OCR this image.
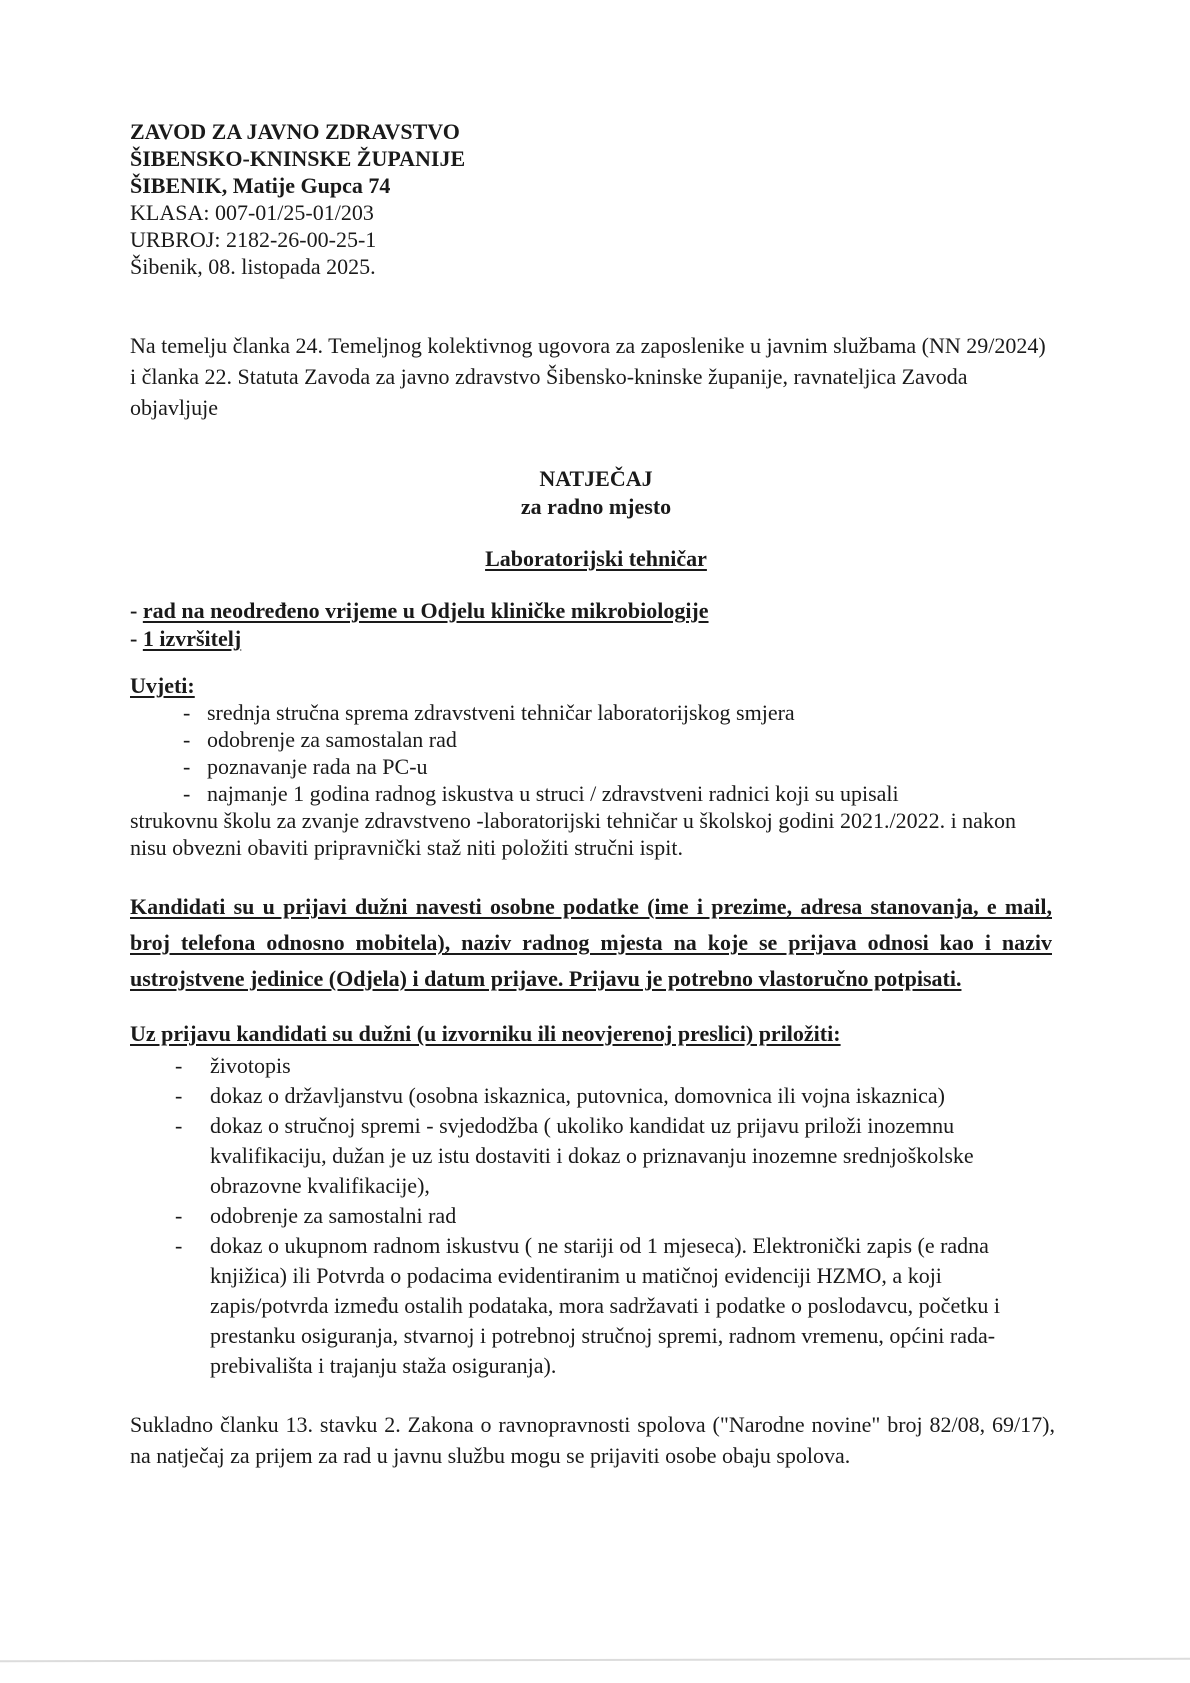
ZAVOD ZA JAVNO ZDRAVSTVO

ŠIBENSKO-KNINSKE ŽUPANIJE

ŠIBENIK, Matije Gupca 74

KLASA: 007-01/25-01/203

URBROJ: 2182-26-00-25-1

Šibenik, 08. listopada 2025.

Na temelju članka 24. Temeljnog kolektivnog ugovora za zaposlenike u javnim službama (NN 29/2024) i članka 22. Statuta Zavoda za javno zdravstvo Šibensko-kninske županije, ravnateljica Zavoda objavljuje

NATJEČAJ

za radno mjesto

Laboratorijski tehničar

- rad na neodređeno vrijeme u Odjelu kliničke mikrobiologije

- 1 izvršitelj

Uvjeti:

- srednja stručna sprema zdravstveni tehničar laboratorijskog smjera
- odobrenje za samostalan rad
- poznavanje rada na PC-u
- najmanje 1 godina radnog iskustva u struci / zdravstveni radnici koji su upisali

strukovnu školu za zvanje zdravstveno -laboratorijski tehničar u školskoj godini 2021./2022. i nakon nisu obvezni obaviti pripravnički staž niti položiti stručni ispit.

Kandidati su u prijavi dužni navesti osobne podatke (ime i prezime, adresa stanovanja, e mail, broj telefona odnosno mobitela), naziv radnog mjesta na koje se prijava odnosi kao i naziv ustrojstvene jedinice (Odjela) i datum prijave. Prijavu je potrebno vlastoručno potpisati.

Uz prijavu kandidati su dužni (u izvorniku ili neovjerenoj preslici) priložiti:

-	životopis
-	dokaz o državljanstvu (osobna iskaznica, putovnica, domovnica ili vojna iskaznica)
-	dokaz o stručnoj spremi - svjedodžba ( ukoliko kandidat uz prijavu priloži inozemnu kvalifikaciju, dužan je uz istu dostaviti i dokaz o priznavanju inozemne srednjoškolske obrazovne kvalifikacije),
-	odobrenje za samostalni rad
-	dokaz o ukupnom radnom iskustvu ( ne stariji od 1 mjeseca). Elektronički zapis (e radna knjižica) ili Potvrda o podacima evidentiranim u matičnoj evidenciji HZMO, a koji zapis/potvrda između ostalih podataka, mora sadržavati i podatke o poslodavcu, početku i prestanku osiguranja, stvarnoj i potrebnoj stručnoj spremi, radnom vremenu, općini rada-prebivališta i trajanju staža osiguranja).

Sukladno članku 13. stavku 2. Zakona o ravnopravnosti spolova ("Narodne novine" broj 82/08, 69/17), na natječaj za prijem za rad u javnu službu mogu se prijaviti osobe obaju spolova.
